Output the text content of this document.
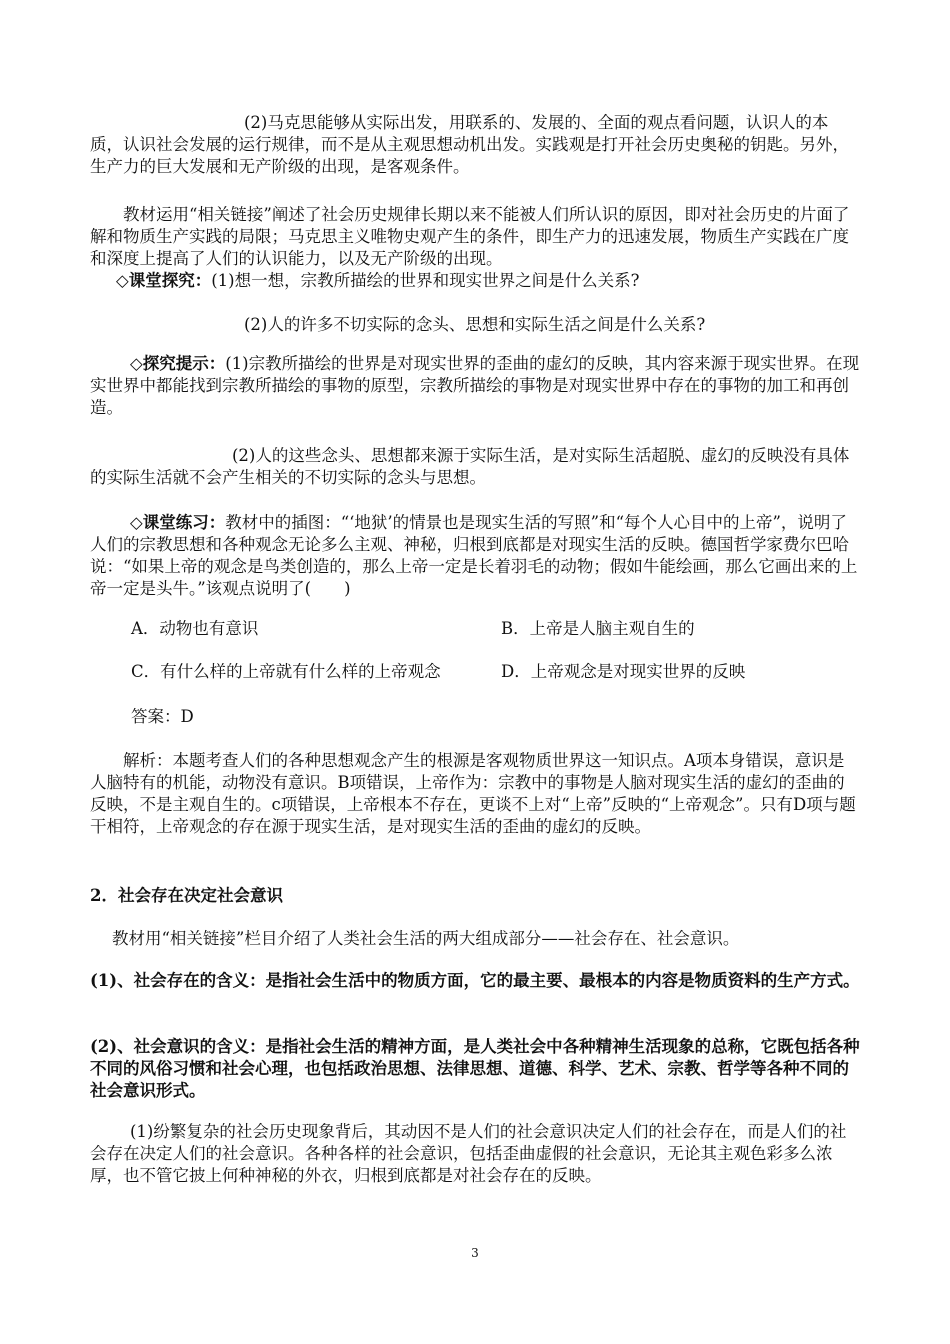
(2)马克思能够从实际出发，用联系的、发展的、全面的观点看问题，认识人的本质，认识社会发展的运行规律，而不是从主观思想动机出发。实践观是打开社会历史奥秘的钥匙。另外，生产力的巨大发展和无产阶级的出现，是客观条件。

教材运用“相关链接”阐述了社会历史规律长期以来不能被人们所认识的原因，即对社会历史的片面了解和物质生产实践的局限；马克思主义唯物史观产生的条件，即生产力的迅速发展，物质生产实践在广度和深度上提高了人们的认识能力，以及无产阶级的出现。

◇课堂探究：(1)想一想，宗教所描绘的世界和现实世界之间是什么关系?

(2)人的许多不切实际的念头、思想和实际生活之间是什么关系?

◇探究提示：(1)宗教所描绘的世界是对现实世界的歪曲的虚幻的反映，其内容来源于现实世界。在现实世界中都能找到宗教所描绘的事物的原型，宗教所描绘的事物是对现实世界中存在的事物的加工和再创造。

(2)人的这些念头、思想都来源于实际生活，是对实际生活超脱、虚幻的反映没有具体的实际生活就不会产生相关的不切实际的念头与思想。

◇课堂练习：教材中的插图：“‘地狱’的情景也是现实生活的写照”和“每个人心目中的上帝”，说明了人们的宗教思想和各种观念无论多么主观、神秘，归根到底都是对现实生活的反映。德国哲学家费尔巴哈说：“如果上帝的观念是鸟类创造的，那么上帝一定是长着羽毛的动物；假如牛能绘画，那么它画出来的上帝一定是头牛。”该观点说明了(　　)

A．动物也有意识	B．上帝是人脑主观自生的

C．有什么样的上帝就有什么样的上帝观念	D．上帝观念是对现实世界的反映

答案：D

解析：本题考查人们的各种思想观念产生的根源是客观物质世界这一知识点。A项本身错误，意识是人脑特有的机能，动物没有意识。B项错误，上帝作为：宗教中的事物是人脑对现实生活的虚幻的歪曲的反映，不是主观自生的。c项错误，上帝根本不存在，更谈不上对“上帝”反映的“上帝观念”。只有D项与题干相符，上帝观念的存在源于现实生活，是对现实生活的歪曲的虚幻的反映。

2．社会存在决定社会意识

教材用“相关链接”栏目介绍了人类社会生活的两大组成部分——社会存在、社会意识。

(1)、社会存在的含义：是指社会生活中的物质方面，它的最主要、最根本的内容是物质资料的生产方式。

(2)、社会意识的含义：是指社会生活的精神方面，是人类社会中各种精神生活现象的总称，它既包括各种不同的风俗习惯和社会心理，也包括政治思想、法律思想、道德、科学、艺术、宗教、哲学等各种不同的社会意识形式。

(1)纷繁复杂的社会历史现象背后，其动因不是人们的社会意识决定人们的社会存在，而是人们的社会存在决定人们的社会意识。各种各样的社会意识，包括歪曲虚假的社会意识，无论其主观色彩多么浓厚，也不管它披上何种神秘的外衣，归根到底都是对社会存在的反映。

3
